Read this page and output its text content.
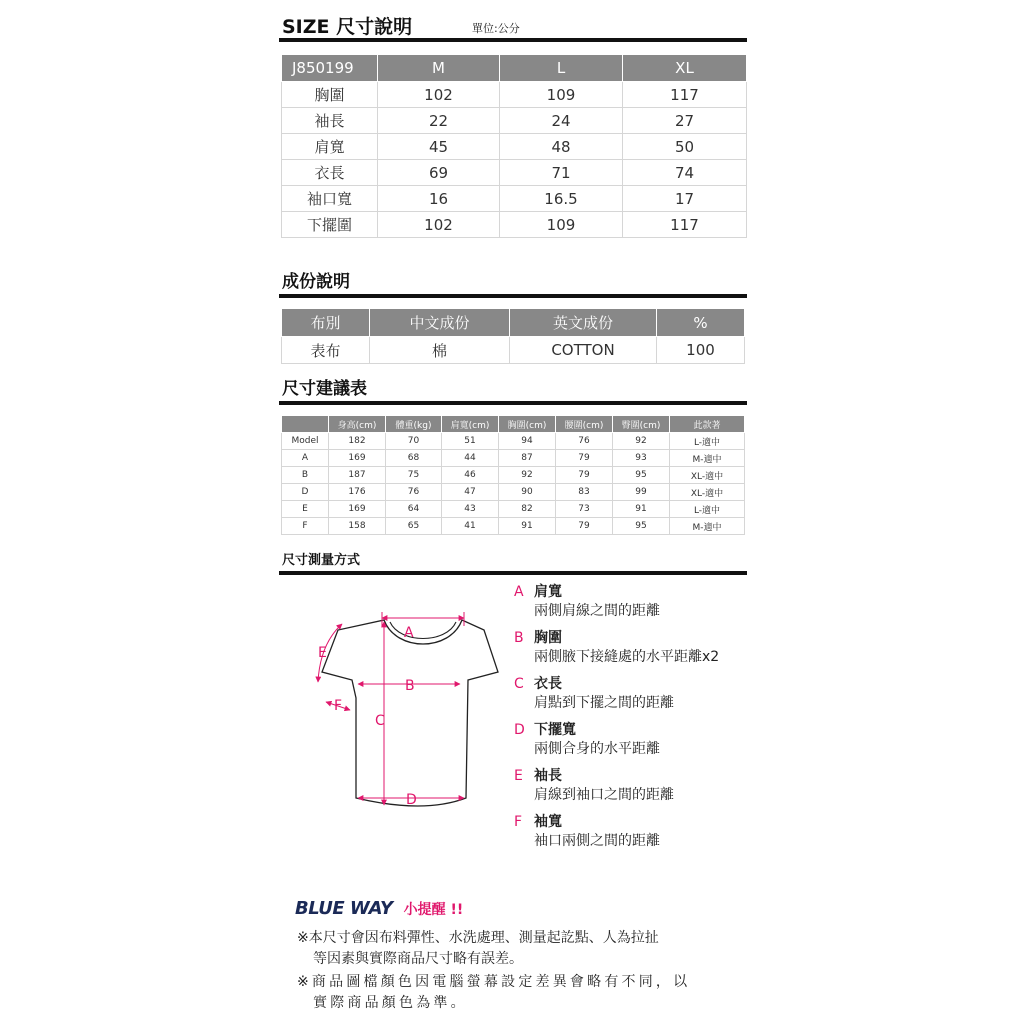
SIZE 尺寸說明	單位:公分
J850199	M	L	XL
胸圍	102	109	117
袖長	22	24	27
肩寬	45	48	50
衣長	69	71	74
袖口寬	16	16.5	17
下擺圍	102	109	117
成份說明
布別	中文成份	英文成份	%
表布	棉	COTTON	100
尺寸建議表
	身高(cm)	體重(kg)	肩寬(cm)	胸圍(cm)	腰圍(cm)	臀圍(cm)	此款著
Model	182	70	51	94	76	92	L-適中
A	169	68	44	87	79	93	M-適中
B	187	75	46	92	79	95	XL-適中
D	176	76	47	90	83	99	XL-適中
E	169	64	43	82	73	91	L-適中
F	158	65	41	91	79	95	M-適中
尺寸測量方式
A
B
C
D
E
F
A 肩寬
兩側肩線之間的距離
B 胸圍
兩側腋下接縫處的水平距離x2
C 衣長
肩點到下擺之間的距離
D 下擺寬
兩側合身的水平距離
E 袖長
肩線到袖口之間的距離
F 袖寬
袖口兩側之間的距離
BLUE WAY 小提醒 !!
※本尺寸會因布料彈性、水洗處理、測量起訖點、人為拉扯
等因素與實際商品尺寸略有誤差。
※商品圖檔顏色因電腦螢幕設定差異會略有不同，以
實際商品顏色為準。
